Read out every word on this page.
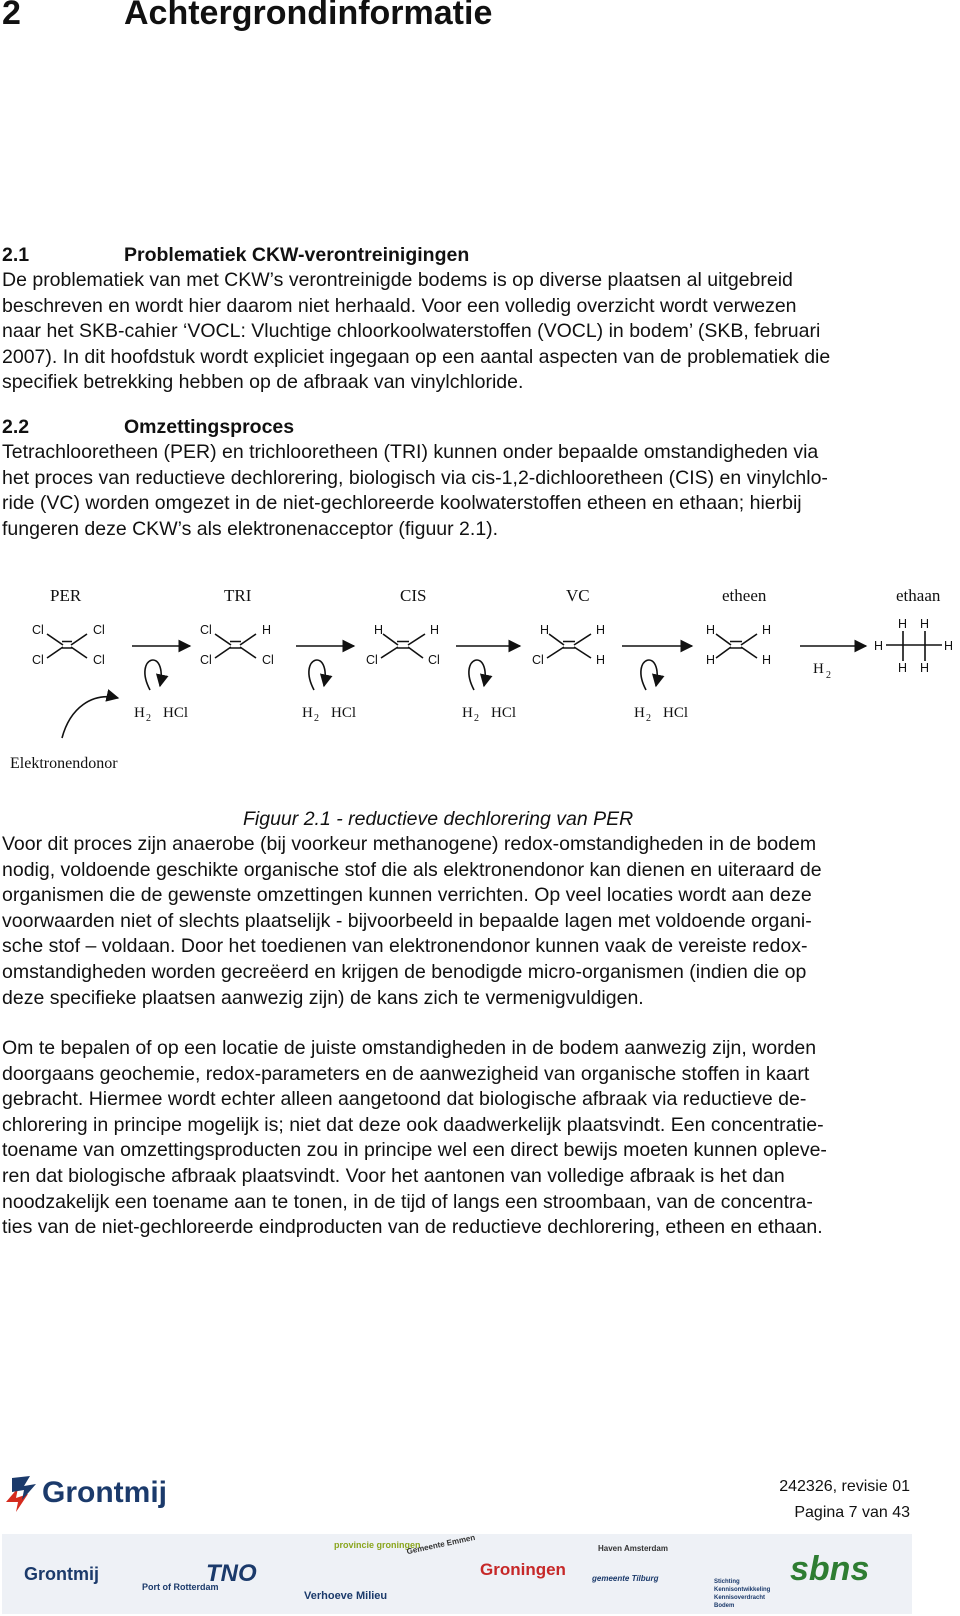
2	Achtergrondinformatie
2.1	Problematiek CKW-verontreinigingen
De problematiek van met CKW’s verontreinigde bodems is op diverse plaatsen al uitgebreid
beschreven en wordt hier daarom niet herhaald. Voor een volledig overzicht wordt verwezen
naar het SKB-cahier ‘VOCL: Vluchtige chloorkoolwaterstoffen (VOCL) in bodem’ (SKB, februari
2007). In dit hoofdstuk wordt expliciet ingegaan op een aantal aspecten van de problematiek die
specifiek betrekking hebben op de afbraak van vinylchloride.
2.2	Omzettingsproces
Tetrachlooretheen (PER) en trichlooretheen (TRI) kunnen onder bepaalde omstandigheden via
het proces van reductieve dechlorering, biologisch via cis-1,2-dichlooretheen (CIS) en vinylchlo-
ride (VC) worden omgezet in de niet-gechloreerde koolwaterstoffen etheen en ethaan; hierbij
fungeren deze CKW’s als elektronenacceptor (figuur 2.1).
PER	TRI	CIS	VC	etheen	ethaan
Cl	Cl
Cl	Cl
Cl	H
Cl	Cl
H	H
Cl	Cl
H	H
Cl	H
H	H
H	H
H H
H	H
H H
H 2
H 2 HCl	H 2 HCl	H 2 HCl	H 2 HCl
Elektronendonor
Figuur 2.1 - reductieve dechlorering van PER
Voor dit proces zijn anaerobe (bij voorkeur methanogene) redox-omstandigheden in de bodem
nodig, voldoende geschikte organische stof die als elektronendonor kan dienen en uiteraard de
organismen die de gewenste omzettingen kunnen verrichten. Op veel locaties wordt aan deze
voorwaarden niet of slechts plaatselijk - bijvoorbeeld in bepaalde lagen met voldoende organi-
sche stof – voldaan. Door het toedienen van elektronendonor kunnen vaak de vereiste redox-
omstandigheden worden gecreëerd en krijgen de benodigde micro-organismen (indien die op
deze specifieke plaatsen aanwezig zijn) de kans zich te vermenigvuldigen.
Om te bepalen of op een locatie de juiste omstandigheden in de bodem aanwezig zijn, worden
doorgaans geochemie, redox-parameters en de aanwezigheid van organische stoffen in kaart
gebracht. Hiermee wordt echter alleen aangetoond dat biologische afbraak via reductieve de-
chlorering in principe mogelijk is; niet dat deze ook daadwerkelijk plaatsvindt. Een concentratie-
toename van omzettingsproducten zou in principe wel een direct bewijs moeten kunnen opleve-
ren dat biologische afbraak plaatsvindt. Voor het aantonen van volledige afbraak is het dan
noodzakelijk een toename aan te tonen, in de tijd of langs een stroombaan, van de concentra-
ties van de niet-gechloreerde eindproducten van de reductieve dechlorering, etheen en ethaan.
Grontmij	242326, revisie 01
Pagina 7 van 43
Grontmij
Port of Rotterdam
TNO
Verhoeve Milieu
provincie groningen
Gemeente Emmen
Groningen
Haven Amsterdam
gemeente Tilburg	Stichting Kennisontwikkeling Kennisoverdracht Bodem
sbns
